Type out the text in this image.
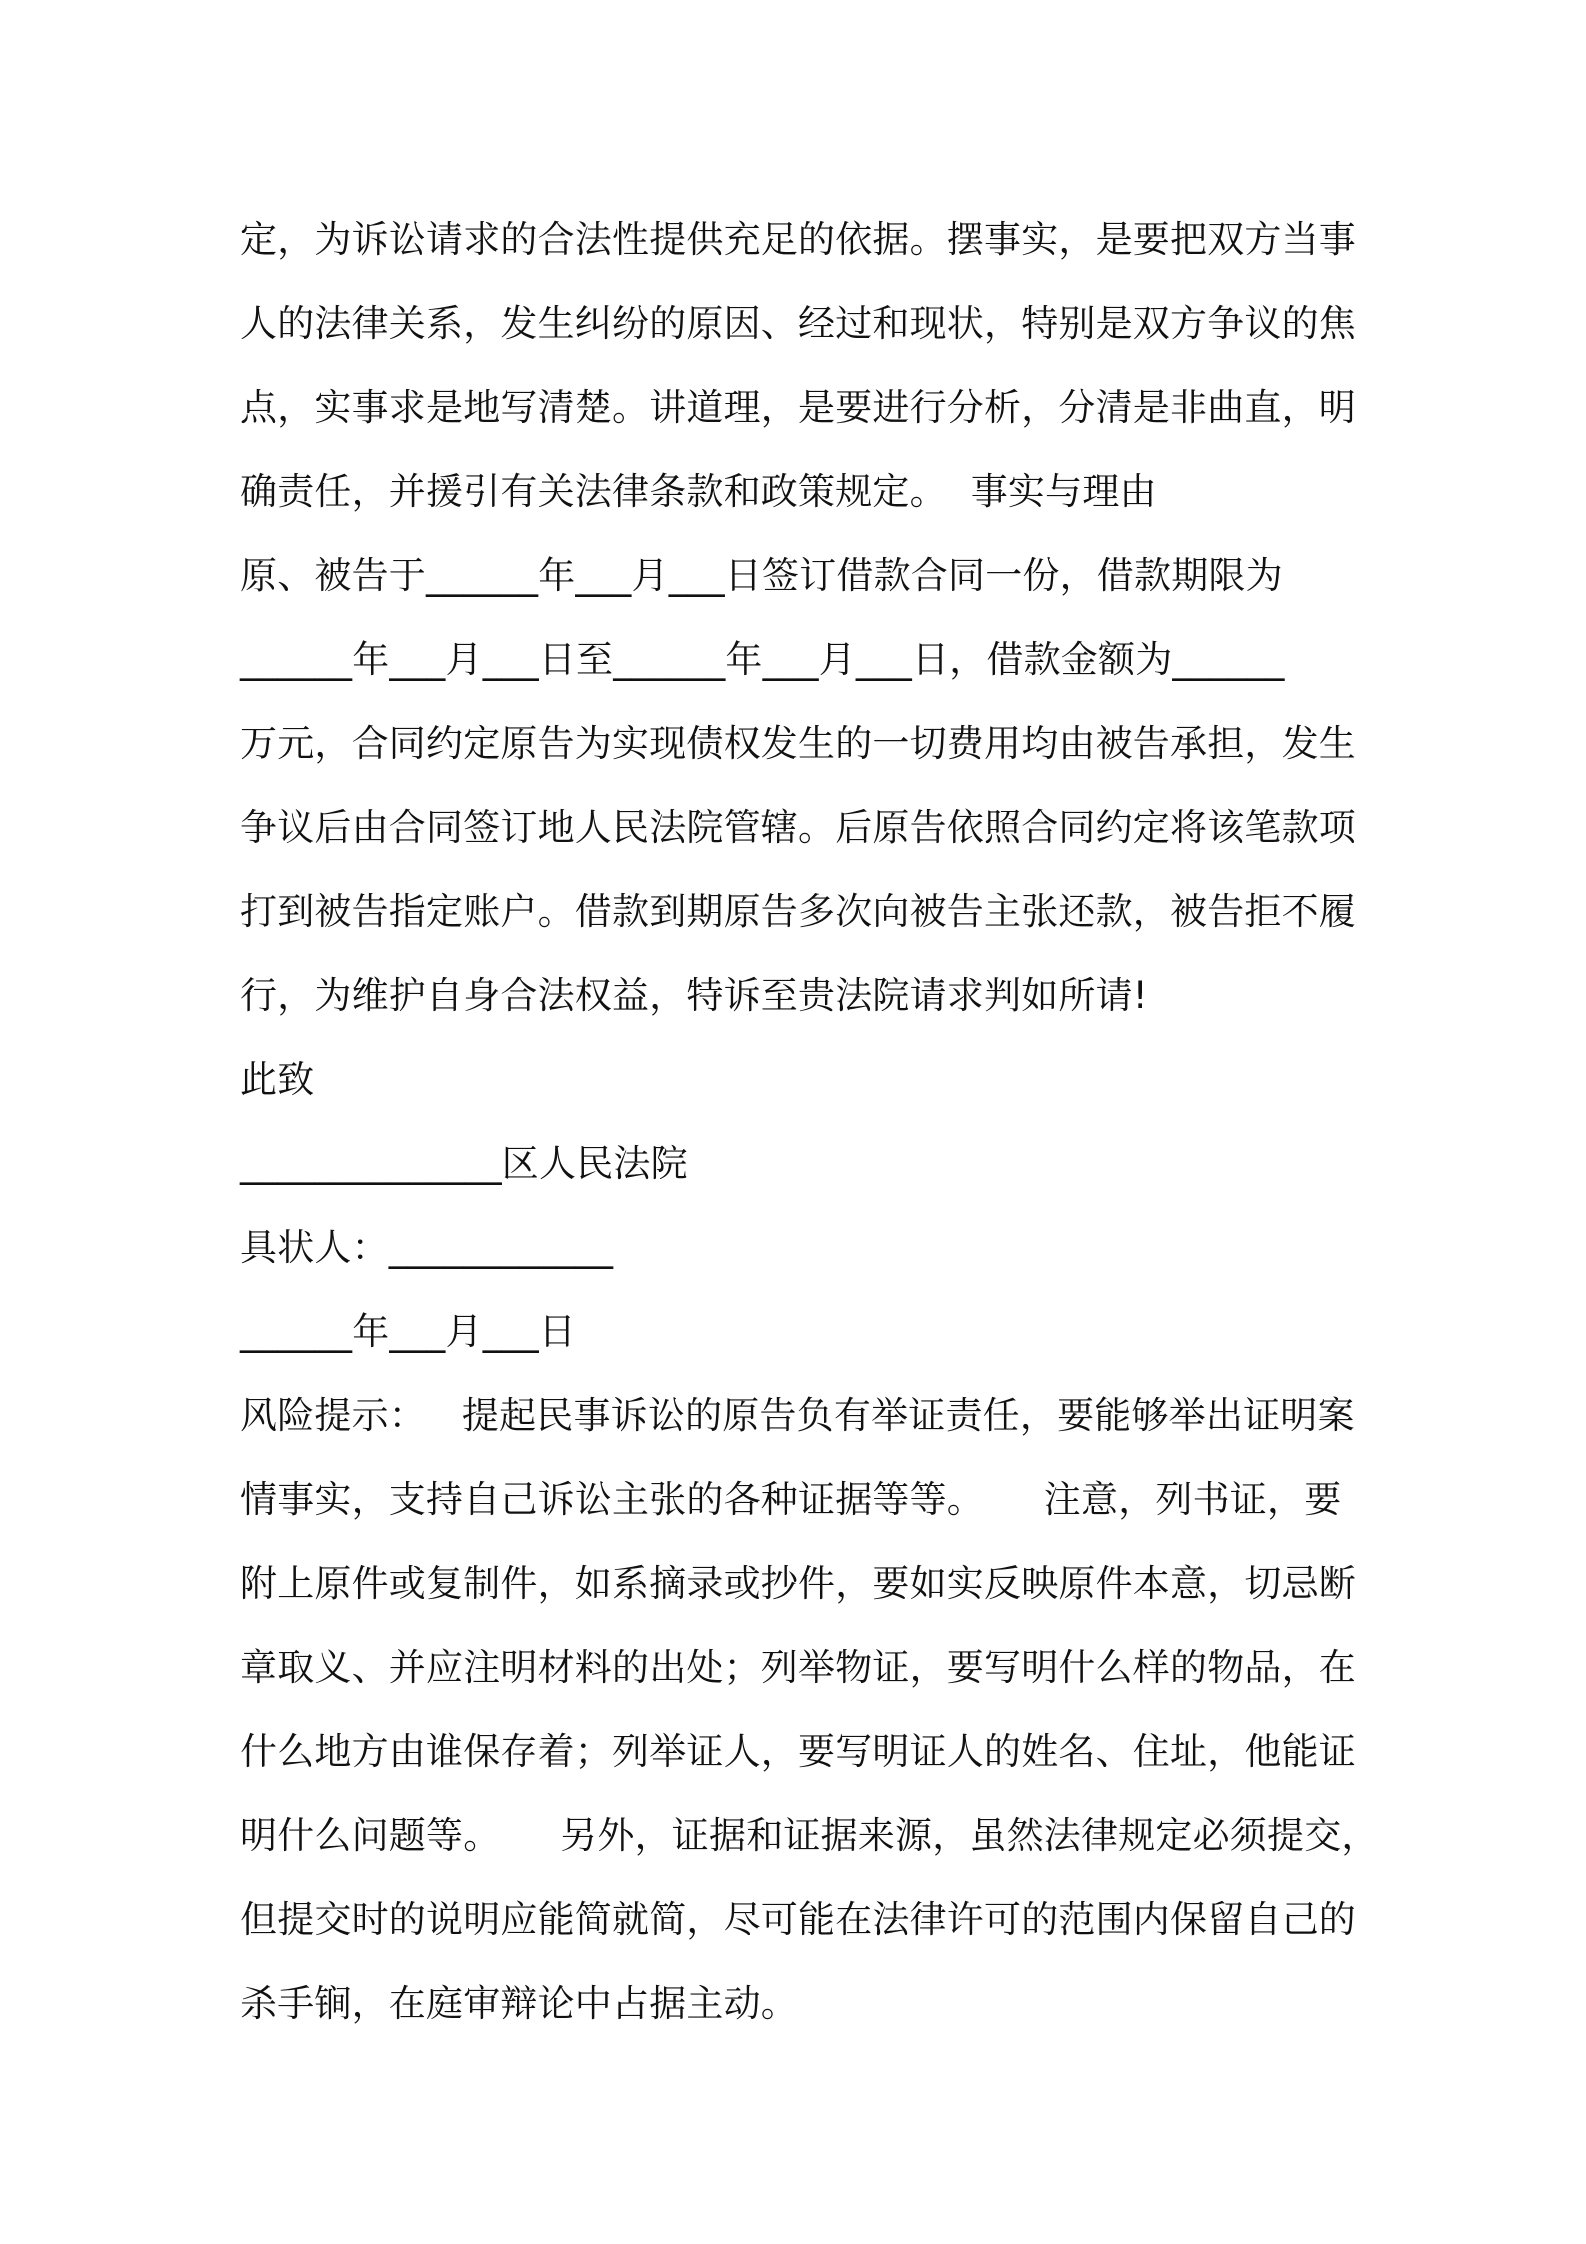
定，为诉讼请求的合法性提供充足的依据。摆事实，是要把双方当事

人的法律关系，发生纠纷的原因、经过和现状，特别是双方争议的焦

点，实事求是地写清楚。讲道理，是要进行分析，分清是非曲直，明

确责任，并援引有关法律条款和政策规定。  事实与理由

原、被告于______年___月___日签订借款合同一份，借款期限为

______年___月___日至______年___月___日，借款金额为______

万元，合同约定原告为实现债权发生的一切费用均由被告承担，发生

争议后由合同签订地人民法院管辖。后原告依照合同约定将该笔款项

打到被告指定账户。借款到期原告多次向被告主张还款，被告拒不履

行，为维护自身合法权益，特诉至贵法院请求判如所请!

此致

______________区人民法院

具状人：____________

______年___月___日

风险提示：   提起民事诉讼的原告负有举证责任，要能够举出证明案

情事实，支持自己诉讼主张的各种证据等等。     注意，列书证，要

附上原件或复制件，如系摘录或抄件，要如实反映原件本意，切忌断

章取义、并应注明材料的出处；列举物证，要写明什么样的物品，在

什么地方由谁保存着；列举证人，要写明证人的姓名、住址，他能证

明什么问题等。     另外，证据和证据来源，虽然法律规定必须提交，

但提交时的说明应能简就简，尽可能在法律许可的范围内保留自己的

杀手锏，在庭审辩论中占据主动。
